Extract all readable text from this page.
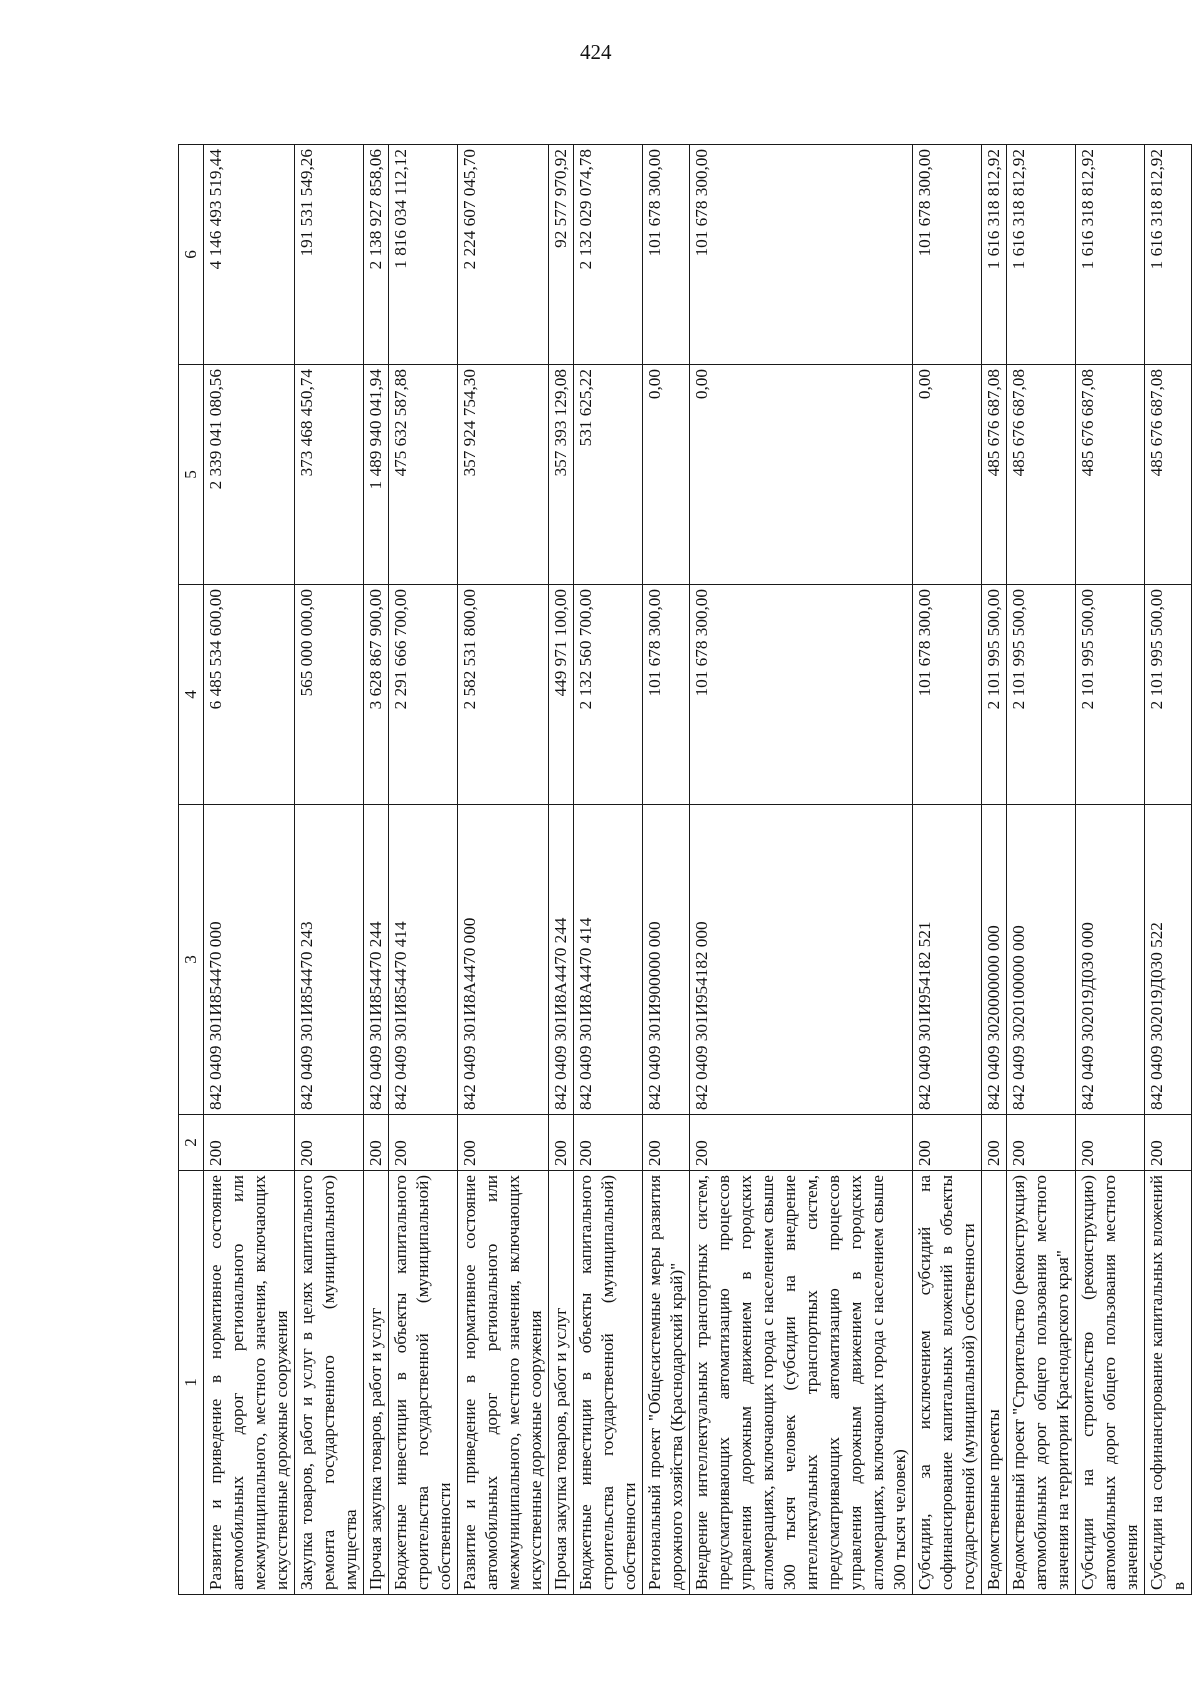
424
1	2	3	4	5	6
Развитие и приведение в нормативное состояние автомобильных дорог регионального или межмуниципального, местного значения, включающих искусственные дорожные сооружения	200	842 0409 301И854470 000	6 485 534 600,00	2 339 041 080,56	4 146 493 519,44
Закупка товаров, работ и услуг в целях капитального ремонта государственного (муниципального) имущества	200	842 0409 301И854470 243	565 000 000,00	373 468 450,74	191 531 549,26
Прочая закупка товаров, работ и услуг	200	842 0409 301И854470 244	3 628 867 900,00	1 489 940 041,94	2 138 927 858,06
Бюджетные инвестиции в объекты капитального строительства государственной (муниципальной) собственности	200	842 0409 301И854470 414	2 291 666 700,00	475 632 587,88	1 816 034 112,12
Развитие и приведение в нормативное состояние автомобильных дорог регионального или межмуниципального, местного значения, включающих искусственные дорожные сооружения	200	842 0409 301И8А4470 000	2 582 531 800,00	357 924 754,30	2 224 607 045,70
Прочая закупка товаров, работ и услуг	200	842 0409 301И8А4470 244	449 971 100,00	357 393 129,08	92 577 970,92
Бюджетные инвестиции в объекты капитального строительства государственной (муниципальной) собственности	200	842 0409 301И8А4470 414	2 132 560 700,00	531 625,22	2 132 029 074,78
Региональный проект "Общесистемные меры развития дорожного хозяйства (Краснодарский край)"	200	842 0409 301И900000 000	101 678 300,00	0,00	101 678 300,00
Внедрение интеллектуальных транспортных систем, предусматривающих автоматизацию процессов управления дорожным движением в городских агломерациях, включающих города с населением свыше 300 тысяч человек (субсидии на внедрение интеллектуальных транспортных систем, предусматривающих автоматизацию процессов управления дорожным движением в городских агломерациях, включающих города с населением свыше 300 тысяч человек)	200	842 0409 301И954182 000	101 678 300,00	0,00	101 678 300,00
Субсидии, за исключением субсидий на софинансирование капитальных вложений в объекты государственной (муниципальной) собственности	200	842 0409 301И954182 521	101 678 300,00	0,00	101 678 300,00
Ведомственные проекты	200	842 0409 3020000000 000	2 101 995 500,00	485 676 687,08	1 616 318 812,92
Ведомственный проект "Строительство (реконструкция) автомобильных дорог общего пользования местного значения на территории Краснодарского края"	200	842 0409 3020100000 000	2 101 995 500,00	485 676 687,08	1 616 318 812,92
Субсидии на строительство (реконструкцию) автомобильных дорог общего пользования местного значения	200	842 0409 302019Д030 000	2 101 995 500,00	485 676 687,08	1 616 318 812,92
Субсидии на софинансирование капитальных вложений в	200	842 0409 302019Д030 522	2 101 995 500,00	485 676 687,08	1 616 318 812,92
